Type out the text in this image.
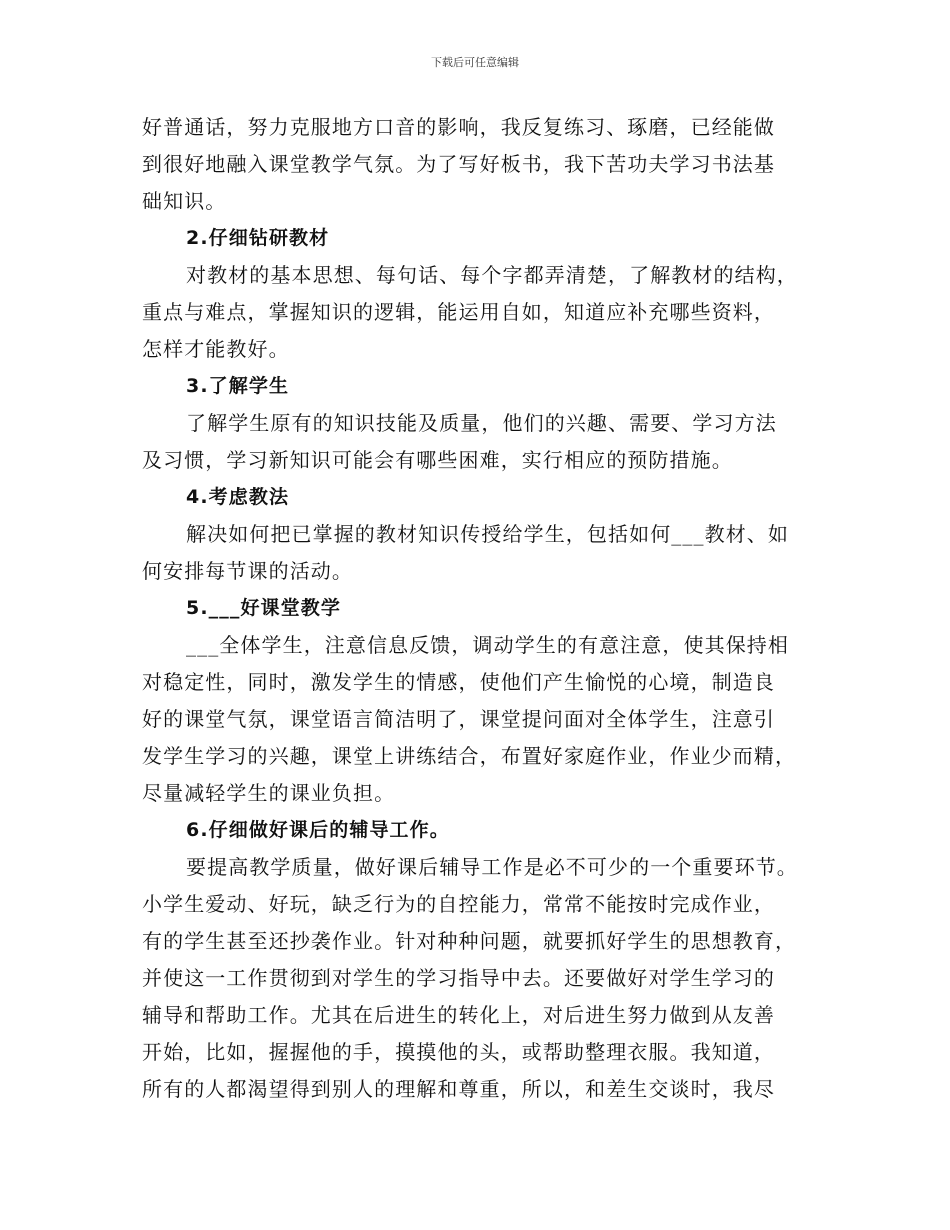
下载后可任意编辑
好普通话，努力克服地方口音的影响，我反复练习、琢磨，已经能做
到很好地融入课堂教学气氛。为了写好板书，我下苦功夫学习书法基
础知识。
2.仔细钻研教材
对教材的基本思想、每句话、每个字都弄清楚，了解教材的结构，
重点与难点，掌握知识的逻辑，能运用自如，知道应补充哪些资料，
怎样才能教好。
3.了解学生
了解学生原有的知识技能及质量，他们的兴趣、需要、学习方法
及习惯，学习新知识可能会有哪些困难，实行相应的预防措施。
4.考虑教法
解决如何把已掌握的教材知识传授给学生，包括如何___教材、如
何安排每节课的活动。
5.___好课堂教学
___全体学生，注意信息反馈，调动学生的有意注意，使其保持相
对稳定性，同时，激发学生的情感，使他们产生愉悦的心境，制造良
好的课堂气氛，课堂语言简洁明了，课堂提问面对全体学生，注意引
发学生学习的兴趣，课堂上讲练结合，布置好家庭作业，作业少而精，
尽量减轻学生的课业负担。
6.仔细做好课后的辅导工作。
要提高教学质量，做好课后辅导工作是必不可少的一个重要环节。
小学生爱动、好玩，缺乏行为的自控能力，常常不能按时完成作业，
有的学生甚至还抄袭作业。针对种种问题，就要抓好学生的思想教育，
并使这一工作贯彻到对学生的学习指导中去。还要做好对学生学习的
辅导和帮助工作。尤其在后进生的转化上，对后进生努力做到从友善
开始，比如，握握他的手，摸摸他的头，或帮助整理衣服。我知道，
所有的人都渴望得到别人的理解和尊重，所以，和差生交谈时，我尽
